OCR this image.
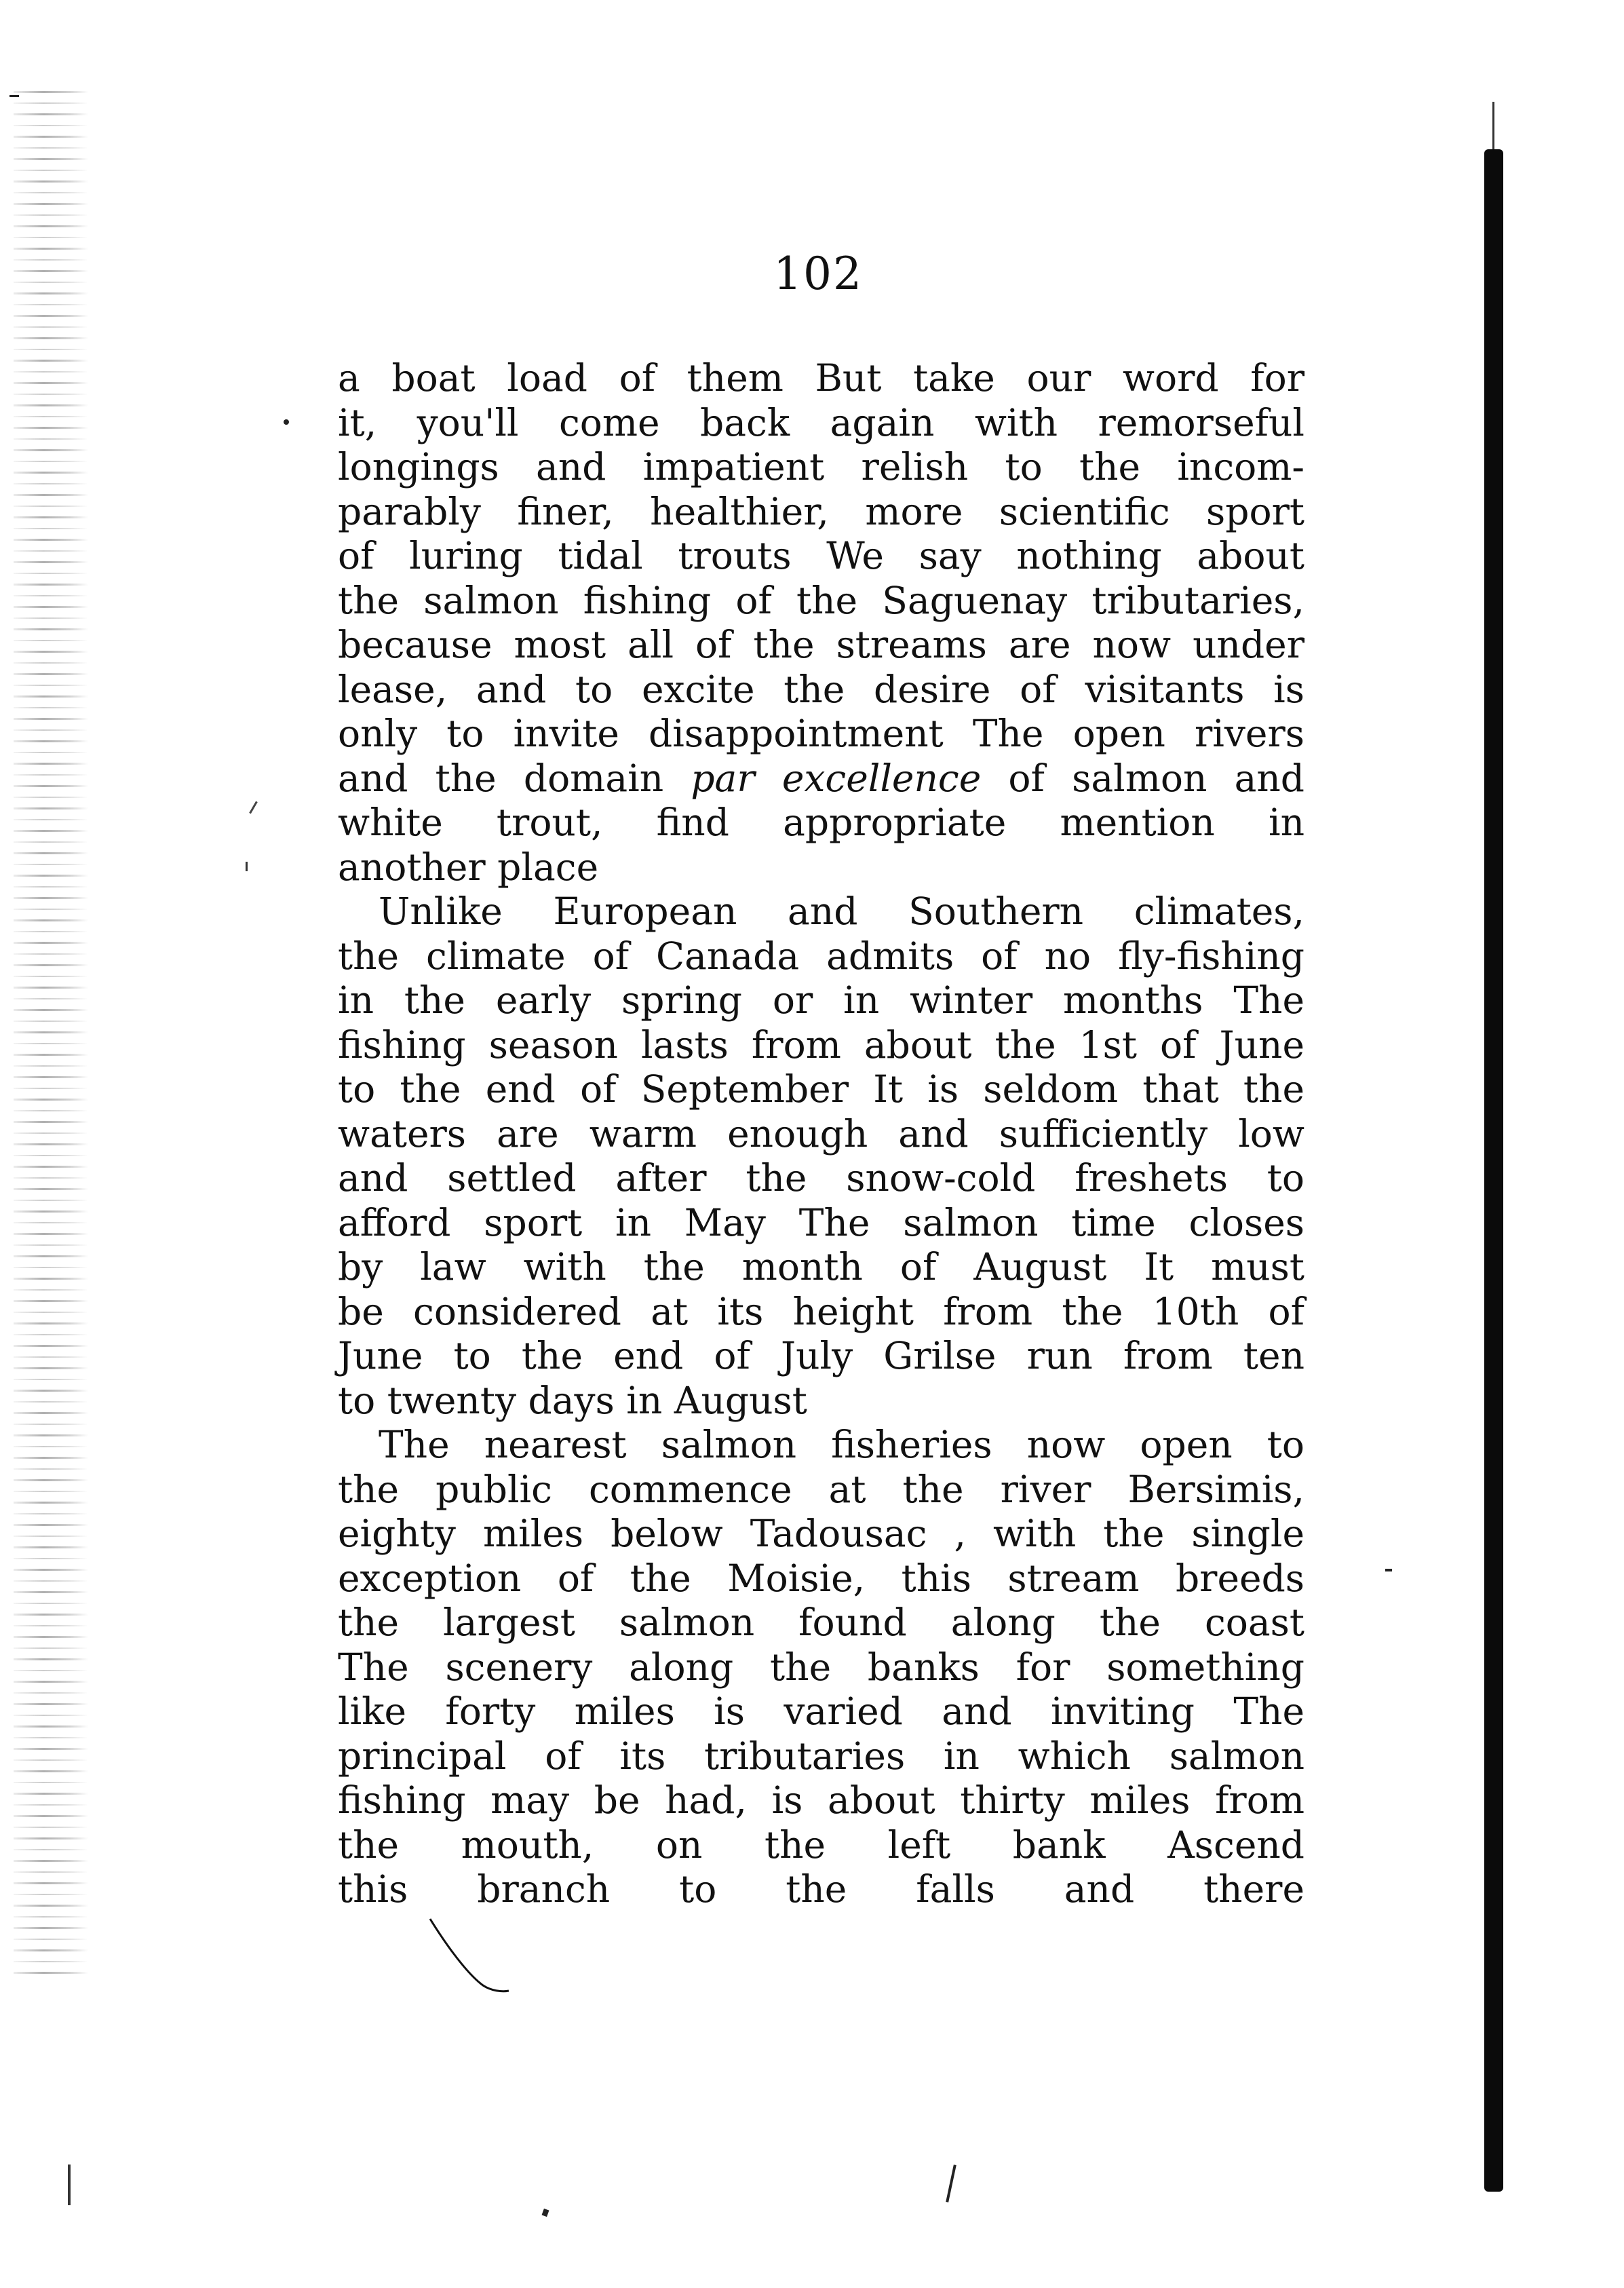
102
a boat load of them But take our word for
it, you'll come back again with remorseful
longings and impatient relish to the incom-
parably finer, healthier, more scientific sport
of luring tidal trouts We say nothing about
the salmon fishing of the Saguenay tributaries,
because most all of the streams are now under
lease, and to excite the desire of visitants is
only to invite disappointment The open rivers
and the domain par excellence of salmon and
white trout, find appropriate mention in
another place
Unlike European and Southern climates,
the climate of Canada admits of no fly-fishing
in the early spring or in winter months The
fishing season lasts from about the 1st of June
to the end of September It is seldom that the
waters are warm enough and sufficiently low
and settled after the snow-cold freshets to
afford sport in May The salmon time closes
by law with the month of August It must
be considered at its height from the 10th of
June to the end of July Grilse run from ten
to twenty days in August
The nearest salmon fisheries now open to
the public commence at the river Bersimis,
eighty miles below Tadousac , with the single
exception of the Moisie, this stream breeds
the largest salmon found along the coast
The scenery along the banks for something
like forty miles is varied and inviting The
principal of its tributaries in which salmon
fishing may be had, is about thirty miles from
the mouth, on the left bank Ascend
this branch to the falls and there
